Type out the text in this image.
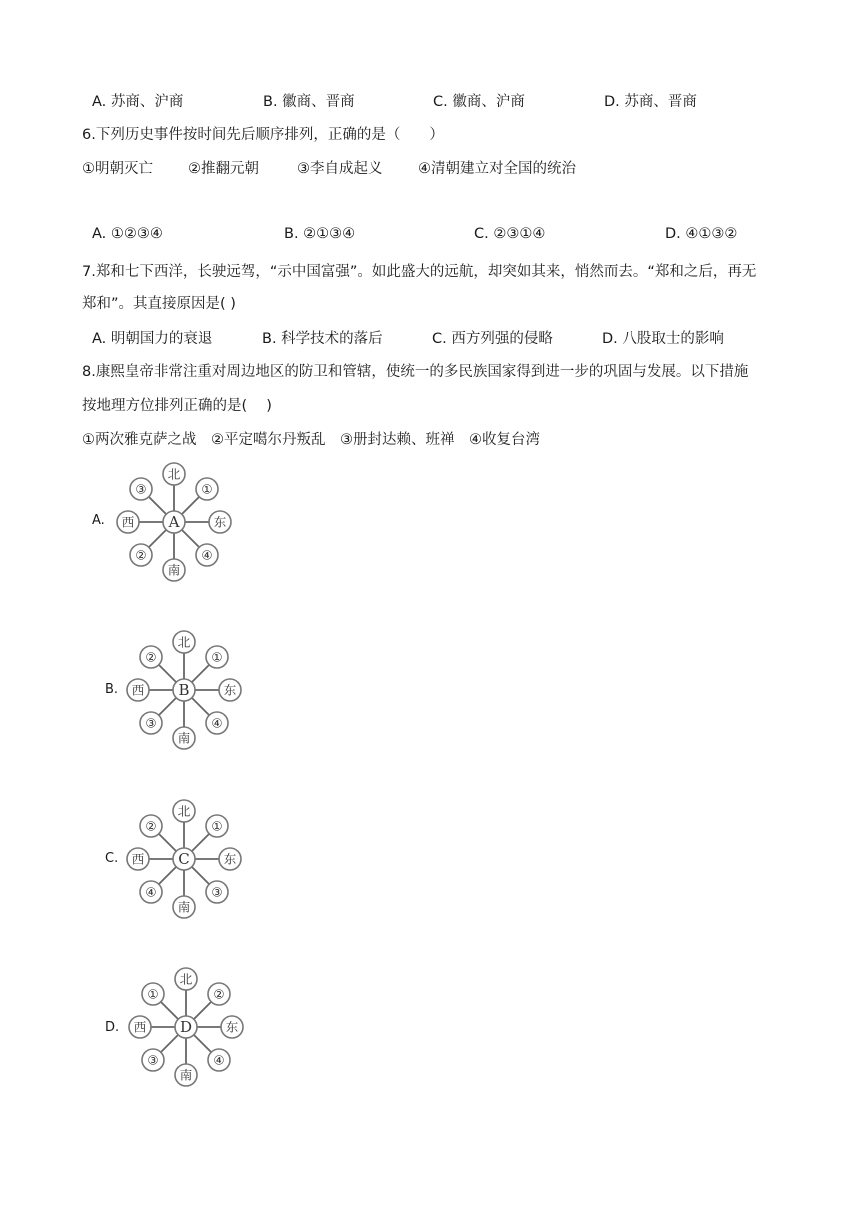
A. 苏商、沪商	B. 徽商、晋商	C. 徽商、沪商	D. 苏商、晋商
6.下列历史事件按时间先后顺序排列，正确的是（　　）
①明朝灭亡 ②推翻元朝	③李自成起义 ④清朝建立对全国的统治
A. ①②③④	B. ②①③④	C. ②③①④	D. ④①③②
7.郑和七下西洋，长驶远驾，“示中国富强”。如此盛大的远航，却突如其来，悄然而去。“郑和之后，再无
郑和”。其直接原因是( )
A. 明朝国力的衰退	B. 科学技术的落后	C. 西方列强的侵略	D. 八股取士的影响
8.康熙皇帝非常注重对周边地区的防卫和管辖，使统一的多民族国家得到进一步的巩固与发展。以下措施
按地理方位排列正确的是(　 )
①两次雅克萨之战　②平定噶尔丹叛乱　③册封达赖、班禅　④收复台湾
A.
北
南
西	东
③	①
②	④
A
B.
北
南
西	东
②	①
③	④
B
C.
北
南
西	东
②	①
④	③
C
D.
北
南
西	东
①	②
③	④
D
